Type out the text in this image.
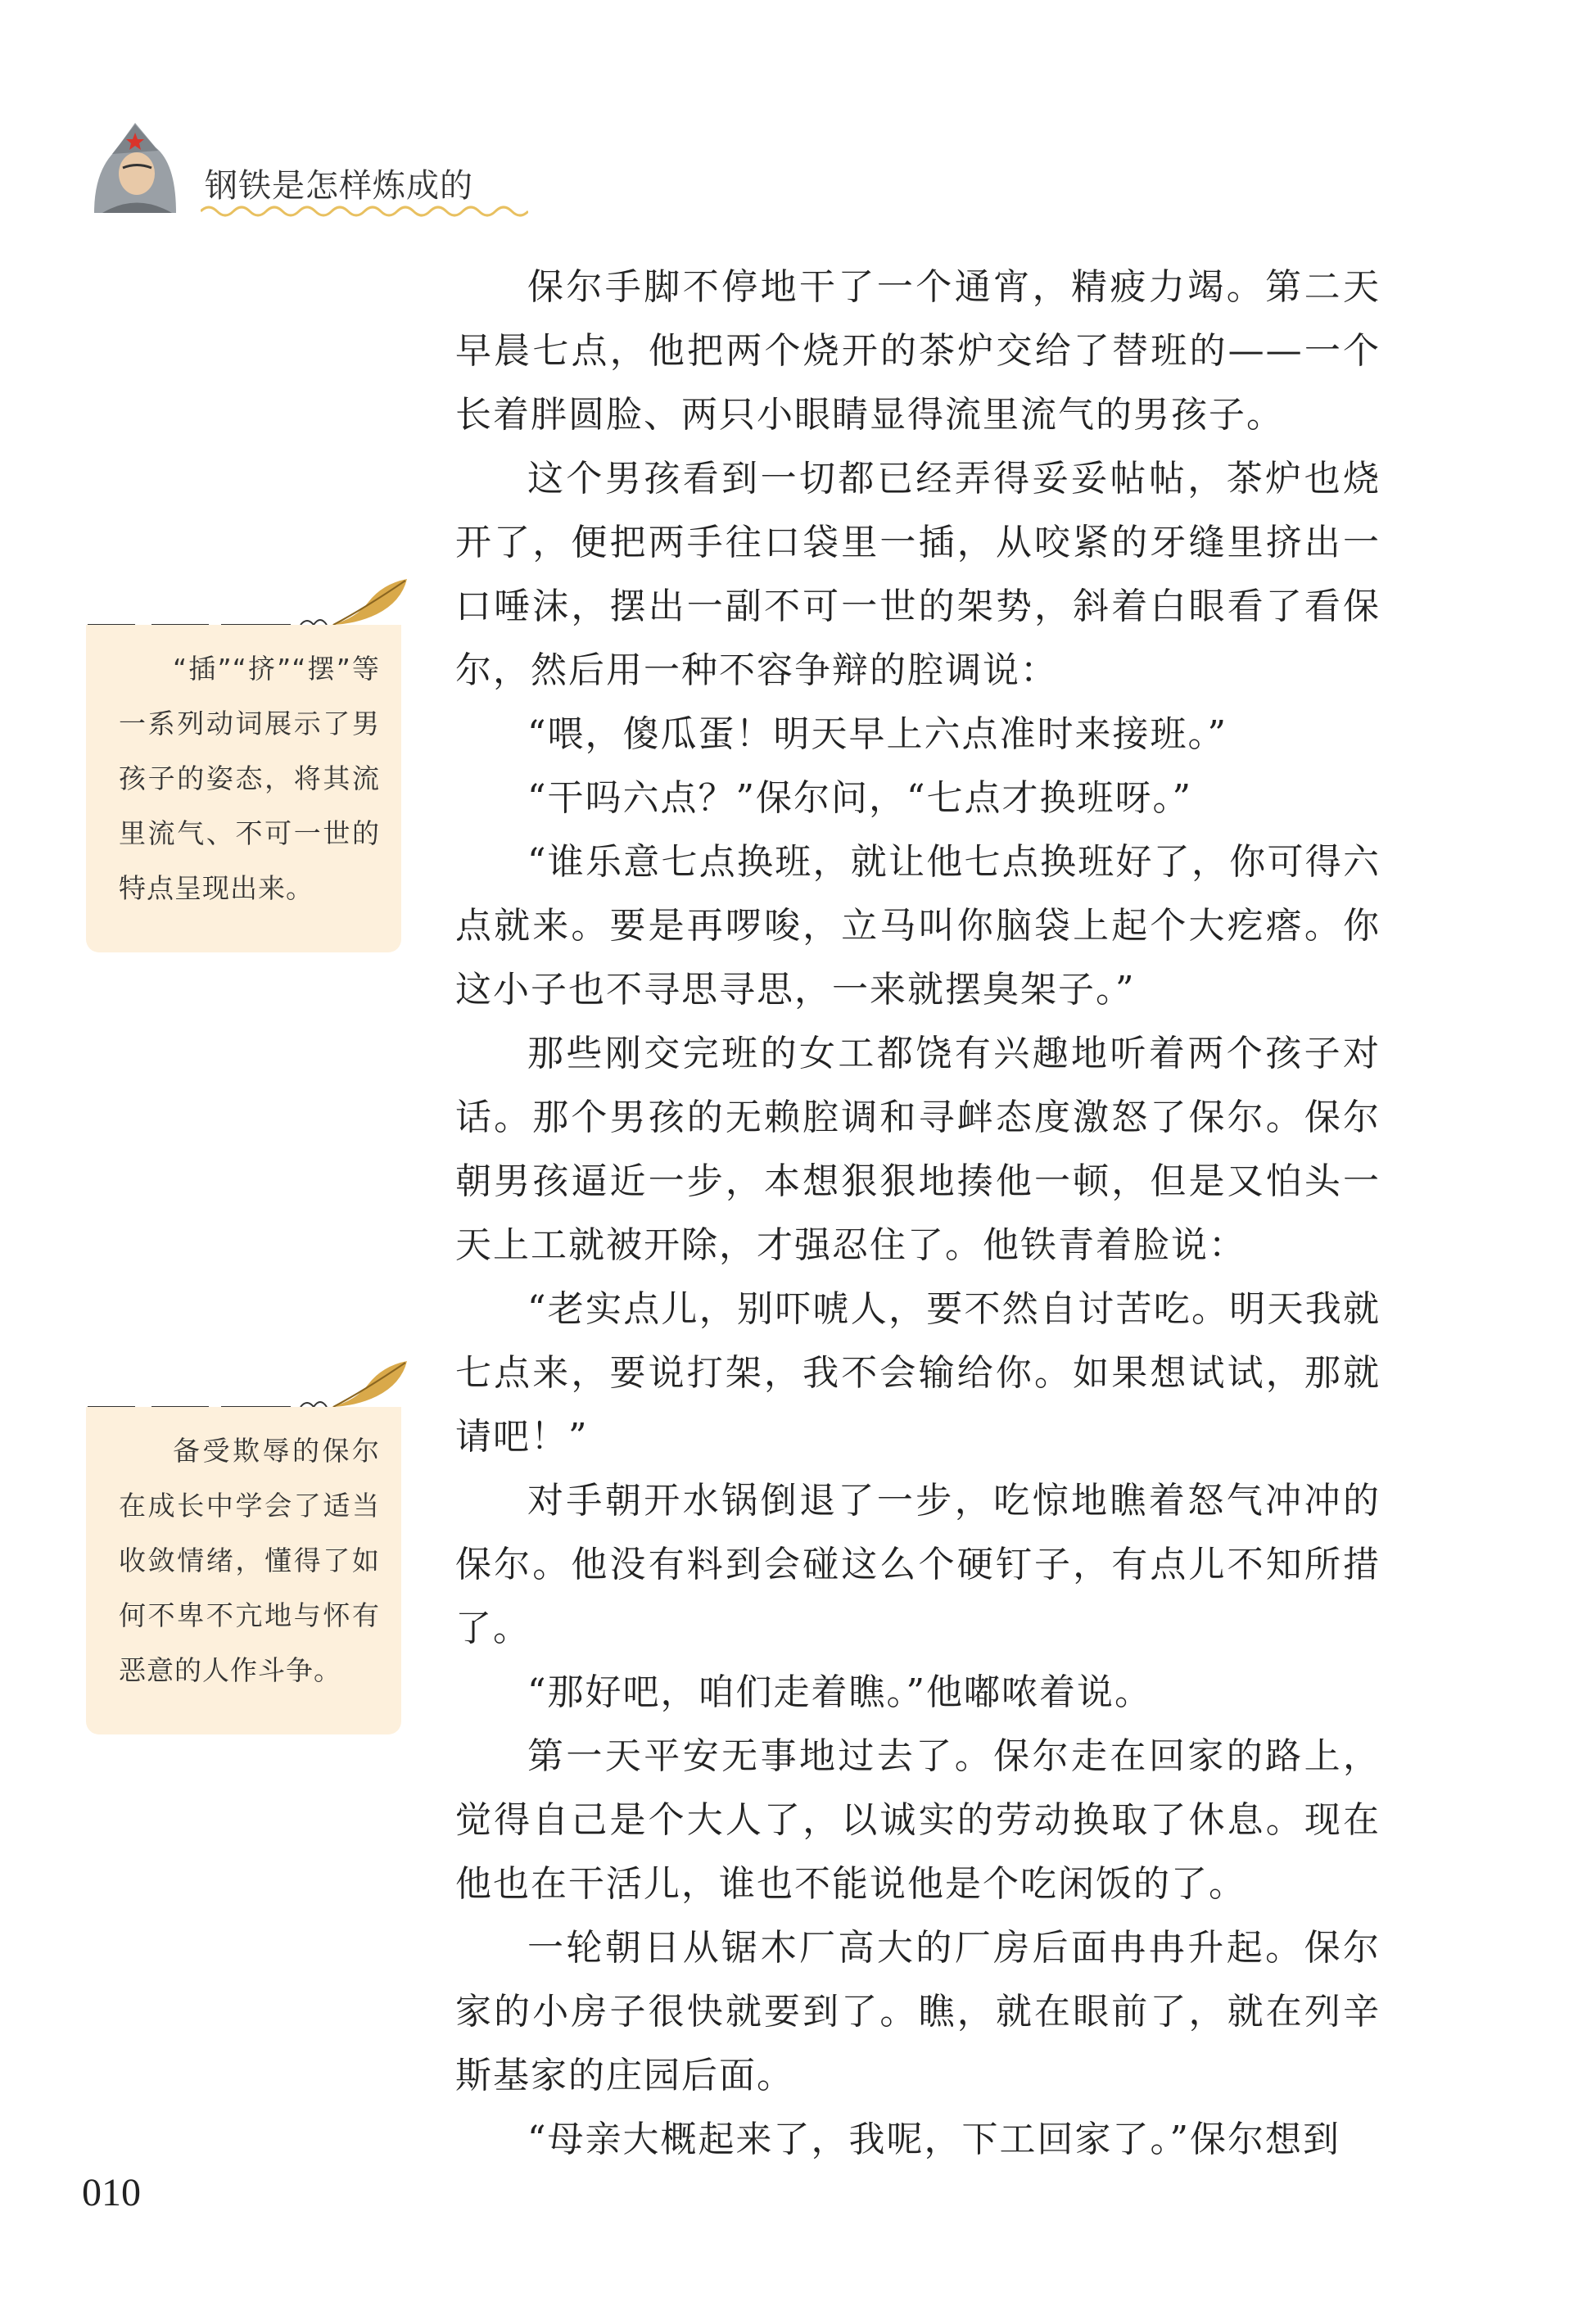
钢铁是怎样炼成的

保尔手脚不停地干了一个通宵，精疲力竭。第二天早晨七点，他把两个烧开的茶炉交给了替班的——一个长着胖圆脸、两只小眼睛显得流里流气的男孩子。

这个男孩看到一切都已经弄得妥妥帖帖，茶炉也烧开了，便把两手往口袋里一插，从咬紧的牙缝里挤出一口唾沫，摆出一副不可一世的架势，斜着白眼看了看保尔，然后用一种不容争辩的腔调说：

“喂，傻瓜蛋！明天早上六点准时来接班。”

“干吗六点？”保尔问，“七点才换班呀。”

“谁乐意七点换班，就让他七点换班好了，你可得六点就来。要是再啰唆，立马叫你脑袋上起个大疙瘩。你这小子也不寻思寻思，一来就摆臭架子。”

那些刚交完班的女工都饶有兴趣地听着两个孩子对话。那个男孩的无赖腔调和寻衅态度激怒了保尔。保尔朝男孩逼近一步，本想狠狠地揍他一顿，但是又怕头一天上工就被开除，才强忍住了。他铁青着脸说：

“老实点儿，别吓唬人，要不然自讨苦吃。明天我就七点来，要说打架，我不会输给你。如果想试试，那就请吧！”

对手朝开水锅倒退了一步，吃惊地瞧着怒气冲冲的保尔。他没有料到会碰这么个硬钉子，有点儿不知所措了。

“那好吧，咱们走着瞧。”他嘟哝着说。

第一天平安无事地过去了。保尔走在回家的路上，觉得自己是个大人了，以诚实的劳动换取了休息。现在他也在干活儿，谁也不能说他是个吃闲饭的了。

一轮朝日从锯木厂高大的厂房后面冉冉升起。保尔家的小房子很快就要到了。瞧，就在眼前了，就在列辛斯基家的庄园后面。

“母亲大概起来了，我呢，下工回家了。”保尔想到

“插”“挤”“摆”等一系列动词展示了男孩子的姿态，将其流里流气、不可一世的特点呈现出来。
备受欺辱的保尔在成长中学会了适当收敛情绪，懂得了如何不卑不亢地与怀有恶意的人作斗争。
010
